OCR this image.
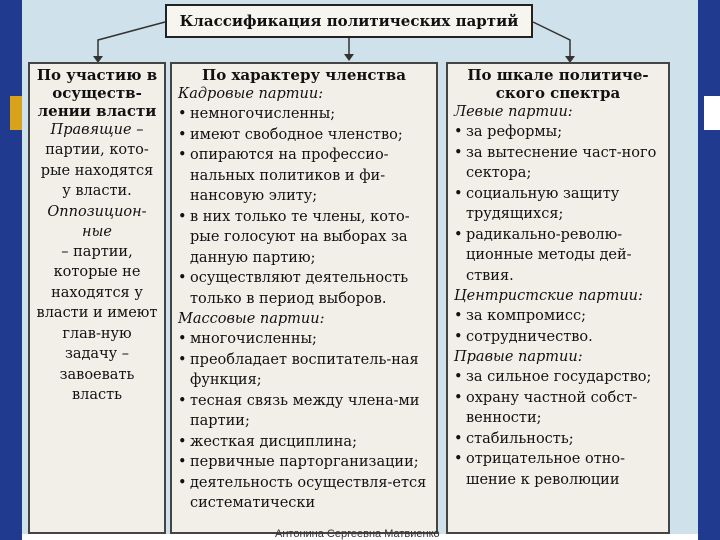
Классификация политических партий
По участию в осуществ-лении власти
Правящие –
партии, кото-рые находятся у власти.
Оппозицион-ные
– партии, которые не находятся у власти и имеют глав-ную задачу – завоевать власть
По характеру членства
Кадровые партии:
• немногочисленны;
• имеют свободное членство;
• опираются на профессио-нальных политиков и фи-нансовую элиту;
• в них только те члены, кото-рые голосуют на выборах за данную партию;
• осуществляют деятельность только в период выборов.
Массовые партии:
• многочисленны;
• преобладает воспитатель-ная функция;
• тесная связь между члена-ми партии;
• жесткая дисциплина;
• первичные парторганизации;
• деятельность осуществля-ется систематически
По шкале политиче-ского спектра
Левые партии:
• за реформы;
• за вытеснение част-ного сектора;
• социальную защиту трудящихся;
• радикально-револю-ционные методы дей-ствия.
Центристские партии:
• за компромисс;
• сотрудничество.
Правые партии:
• за сильное государство;
• охрану частной собст-венности;
• стабильность;
• отрицательное отно-шение к революции
Антонина Сергеевна Матвиенко
